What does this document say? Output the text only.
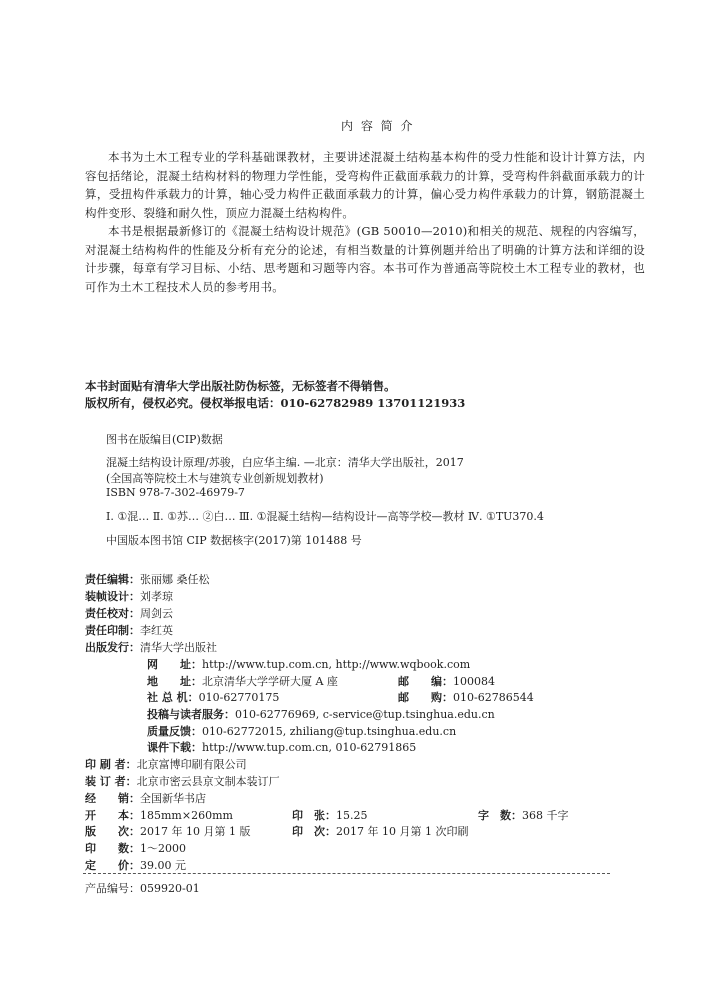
内 容 简 介
本书为土木工程专业的学科基础课教材，主要讲述混凝土结构基本构件的受力性能和设计计算方法，内容包括绪论，混凝土结构材料的物理力学性能，受弯构件正截面承载力的计算，受弯构件斜截面承载力的计算，受扭构件承载力的计算，轴心受力构件正截面承载力的计算，偏心受力构件承载力的计算，钢筋混凝土构件变形、裂缝和耐久性，顶应力混凝土结构构件。
本书是根据最新修订的《混凝土结构设计规范》(GB 50010—2010)和相关的规范、规程的内容编写，对混凝土结构构件的性能及分析有充分的论述，有相当数量的计算例题并给出了明确的计算方法和详细的设计步骤，每章有学习目标、小结、思考题和习题等内容。本书可作为普通高等院校土木工程专业的教材，也可作为土木工程技术人员的参考用书。
本书封面贴有清华大学出版社防伪标签，无标签者不得销售。
版权所有，侵权必究。侵权举报电话：010-62782989 13701121933
图书在版编目(CIP)数据
混凝土结构设计原理/苏骏，白应华主编. —北京：清华大学出版社，2017
(全国高等院校土木与建筑专业创新规划教材)
ISBN 978-7-302-46979-7
Ⅰ. ①混… Ⅱ. ①苏… ②白… Ⅲ. ①混凝土结构—结构设计—高等学校—教材 Ⅳ. ①TU370.4
中国版本图书馆 CIP 数据核字(2017)第 101488 号
责任编辑：张丽娜 桑任松
装帧设计：刘孝琼
责任校对：周剑云
责任印制：李红英
出版发行：清华大学出版社
网　　址：http://www.tup.com.cn, http://www.wqbook.com
地　　址：北京清华大学学研大厦 A 座	邮　　编：100084
社 总 机：010-62770175	邮　　购：010-62786544
投稿与读者服务：010-62776969, c-service@tup.tsinghua.edu.cn
质量反馈：010-62772015, zhiliang@tup.tsinghua.edu.cn
课件下载：http://www.tup.com.cn, 010-62791865
印 刷 者：北京富博印刷有限公司
装 订 者：北京市密云县京文制本装订厂
经　　销：全国新华书店
开　　本：185mm×260mm	印　张：15.25	字　数：368 千字
版　　次：2017 年 10 月第 1 版	印　次：2017 年 10 月第 1 次印刷
印　　数：1～2000
定　　价：39.00 元
产品编号：059920-01
